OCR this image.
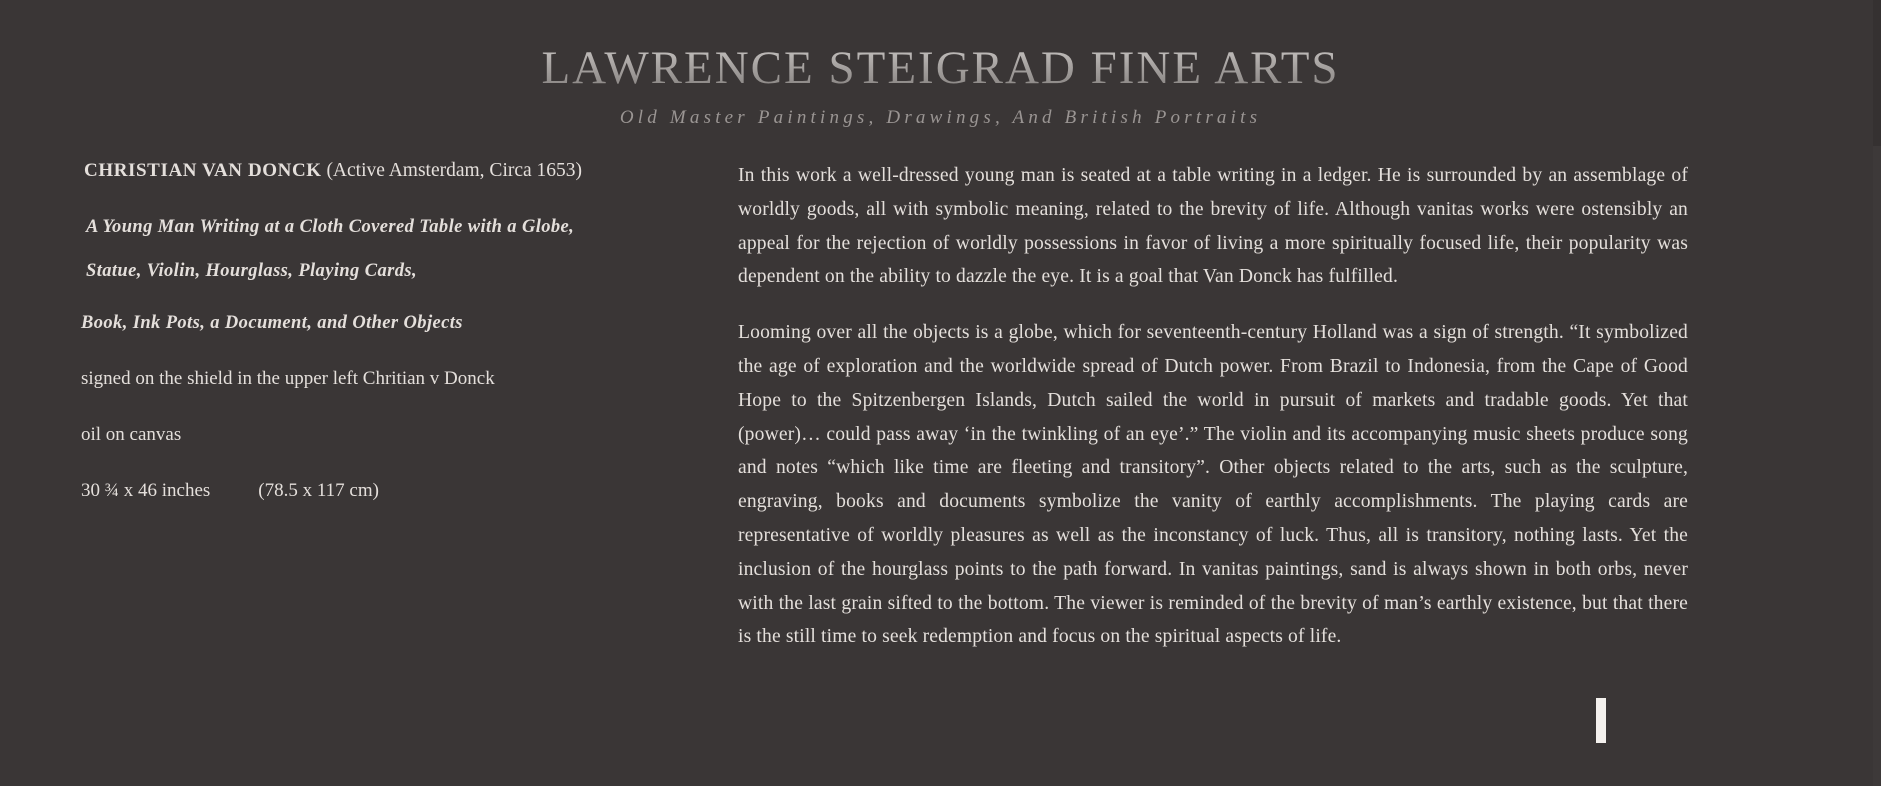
LAWRENCE STEIGRAD FINE ARTS
Old Master Paintings, Drawings, And British Portraits
CHRISTIAN VAN DONCK (Active Amsterdam, Circa 1653)
A Young Man Writing at a Cloth Covered Table with a Globe,
Statue, Violin, Hourglass, Playing Cards,
Book, Ink Pots, a Document, and Other Objects
signed on the shield in the upper left Chritian v Donck
oil on canvas
30 ¾ x 46 inches	(78.5 x 117 cm)

In this work a well-dressed young man is seated at a table writing in a ledger. He is surrounded by an assemblage of worldly goods, all with symbolic meaning, related to the brevity of life. Although vanitas works were ostensibly an appeal for the rejection of worldly possessions in favor of living a more spiritually focused life, their popularity was dependent on the ability to dazzle the eye. It is a goal that Van Donck has fulfilled.

Looming over all the objects is a globe, which for seventeenth-century Holland was a sign of strength. “It symbolized the age of exploration and the worldwide spread of Dutch power. From Brazil to Indonesia, from the Cape of Good Hope to the Spitzenbergen Islands, Dutch sailed the world in pursuit of markets and tradable goods. Yet that (power)… could pass away ‘in the twinkling of an eye’.” The violin and its accompanying music sheets produce song and notes “which like time are fleeting and transitory”. Other objects related to the arts, such as the sculpture, engraving, books and documents symbolize the vanity of earthly accomplishments. The playing cards are representative of worldly pleasures as well as the inconstancy of luck. Thus, all is transitory, nothing lasts. Yet the inclusion of the hourglass points to the path forward. In vanitas paintings, sand is always shown in both orbs, never with the last grain sifted to the bottom. The viewer is reminded of the brevity of man’s earthly existence, but that there is the still time to seek redemption and focus on the spiritual aspects of life.
